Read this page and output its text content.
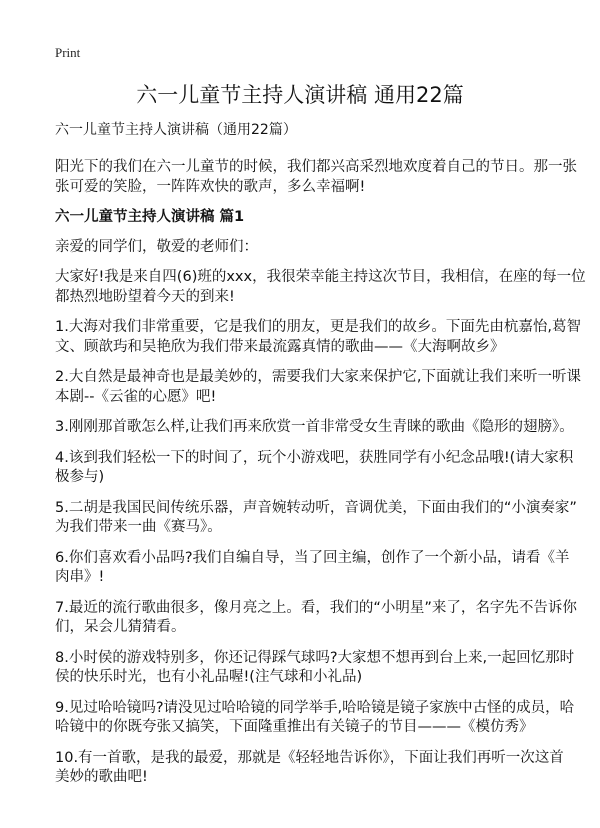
Print
六一儿童节主持人演讲稿 通用22篇
六一儿童节主持人演讲稿（通用22篇）
阳光下的我们在六一儿童节的时候，我们都兴高采烈地欢度着自己的节日。那一张
张可爱的笑脸，一阵阵欢快的歌声，多么幸福啊!
六一儿童节主持人演讲稿 篇1
亲爱的同学们，敬爱的老师们：
大家好!我是来自四(6)班的xxx，我很荣幸能主持这次节目，我相信，在座的每一位
都热烈地盼望着今天的到来!
1.大海对我们非常重要，它是我们的朋友，更是我们的故乡。下面先由杭嘉怡,葛智
文、顾歆玙和吴艳欣为我们带来最流露真情的歌曲——《大海啊故乡》
2.大自然是最神奇也是最美妙的，需要我们大家来保护它,下面就让我们来听一听课
本剧--《云雀的心愿》吧!
3.刚刚那首歌怎么样,让我们再来欣赏一首非常受女生青睐的歌曲《隐形的翅膀》。
4.该到我们轻松一下的时间了，玩个小游戏吧，获胜同学有小纪念品哦!(请大家积
极参与)
5.二胡是我国民间传统乐器，声音婉转动听，音调优美，下面由我们的“小演奏家”
为我们带来一曲《赛马》。
6.你们喜欢看小品吗?我们自编自导，当了回主编，创作了一个新小品，请看《羊
肉串》!
7.最近的流行歌曲很多，像月亮之上。看，我们的“小明星”来了，名字先不告诉你
们，呆会儿猜猜看。
8.小时侯的游戏特别多，你还记得踩气球吗?大家想不想再到台上来,一起回忆那时
侯的快乐时光，也有小礼品喔!(注气球和小礼品)
9.见过哈哈镜吗?请没见过哈哈镜的同学举手,哈哈镜是镜子家族中古怪的成员，哈
哈镜中的你既夸张又搞笑，下面隆重推出有关镜子的节目———《模仿秀》
10.有一首歌，是我的最爱，那就是《轻轻地告诉你》，下面让我们再听一次这首
美妙的歌曲吧!
